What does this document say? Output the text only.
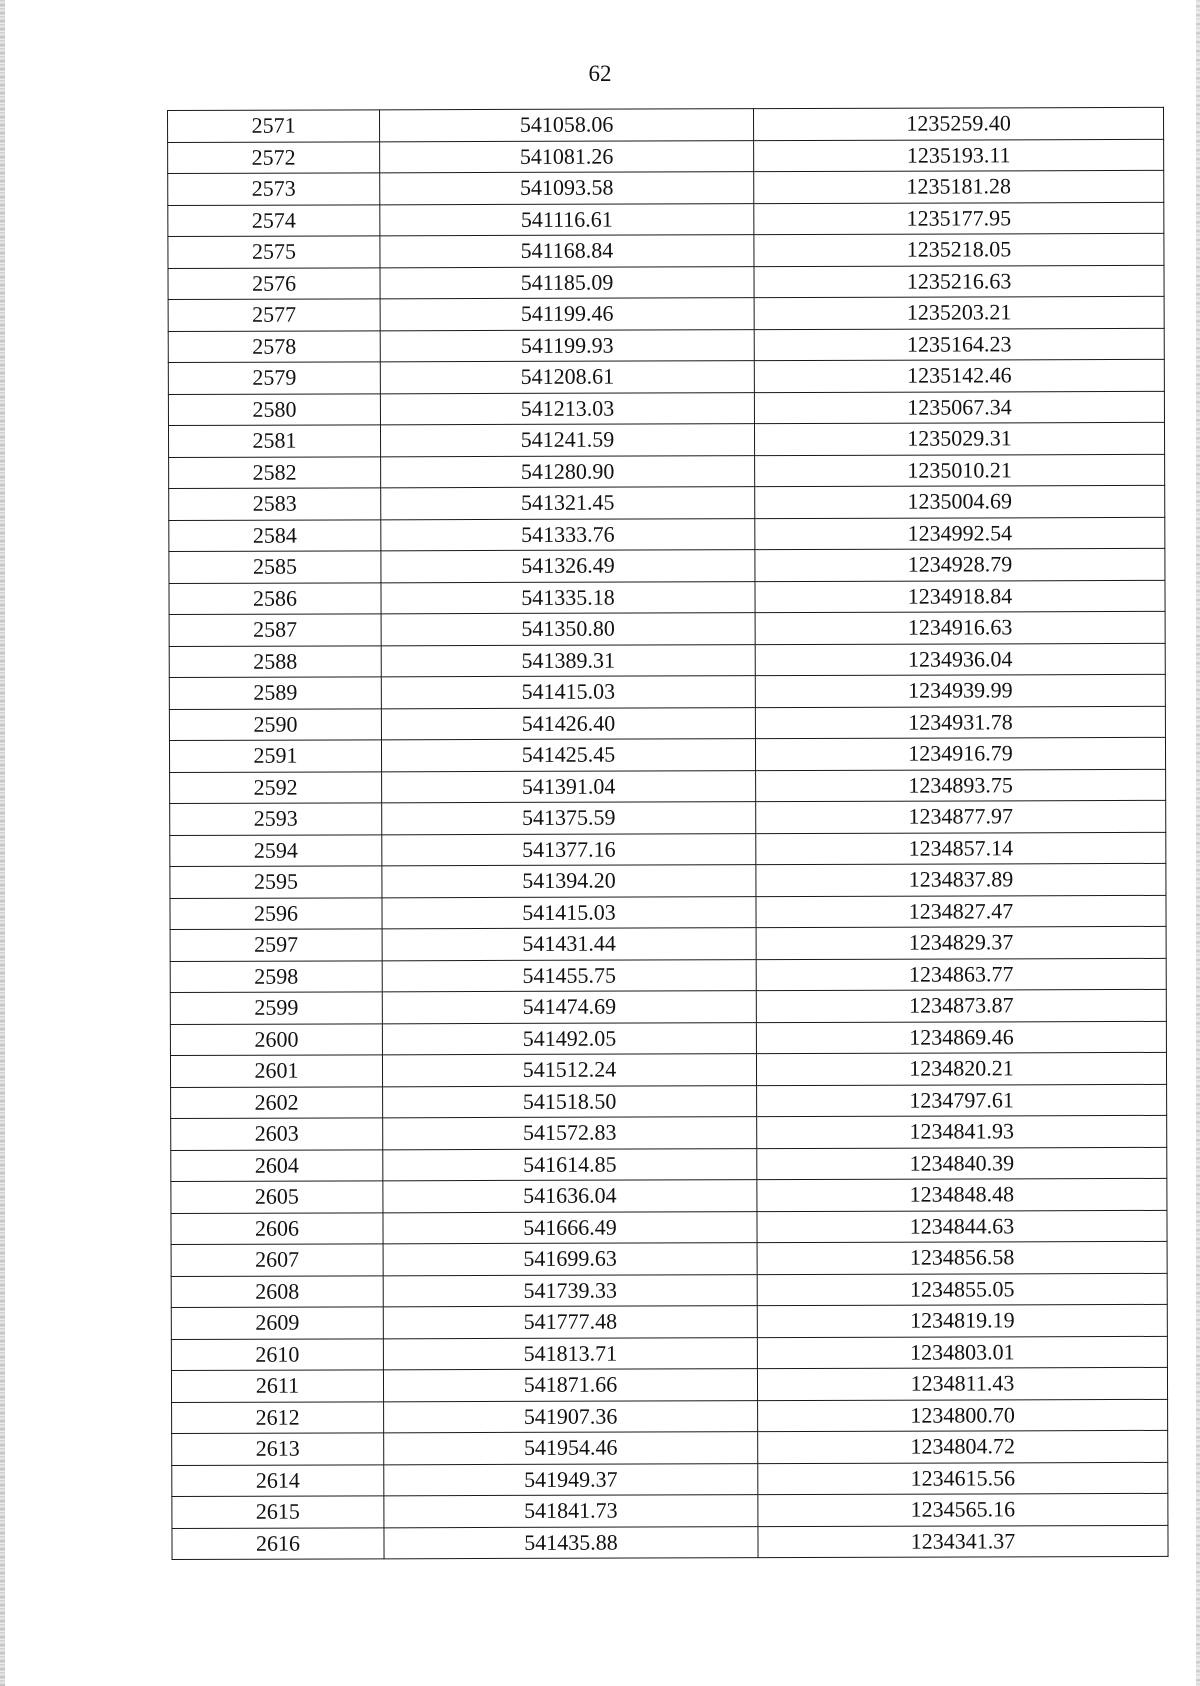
62
2571	541058.06	1235259.40
2572	541081.26	1235193.11
2573	541093.58	1235181.28
2574	541116.61	1235177.95
2575	541168.84	1235218.05
2576	541185.09	1235216.63
2577	541199.46	1235203.21
2578	541199.93	1235164.23
2579	541208.61	1235142.46
2580	541213.03	1235067.34
2581	541241.59	1235029.31
2582	541280.90	1235010.21
2583	541321.45	1235004.69
2584	541333.76	1234992.54
2585	541326.49	1234928.79
2586	541335.18	1234918.84
2587	541350.80	1234916.63
2588	541389.31	1234936.04
2589	541415.03	1234939.99
2590	541426.40	1234931.78
2591	541425.45	1234916.79
2592	541391.04	1234893.75
2593	541375.59	1234877.97
2594	541377.16	1234857.14
2595	541394.20	1234837.89
2596	541415.03	1234827.47
2597	541431.44	1234829.37
2598	541455.75	1234863.77
2599	541474.69	1234873.87
2600	541492.05	1234869.46
2601	541512.24	1234820.21
2602	541518.50	1234797.61
2603	541572.83	1234841.93
2604	541614.85	1234840.39
2605	541636.04	1234848.48
2606	541666.49	1234844.63
2607	541699.63	1234856.58
2608	541739.33	1234855.05
2609	541777.48	1234819.19
2610	541813.71	1234803.01
2611	541871.66	1234811.43
2612	541907.36	1234800.70
2613	541954.46	1234804.72
2614	541949.37	1234615.56
2615	541841.73	1234565.16
2616	541435.88	1234341.37
